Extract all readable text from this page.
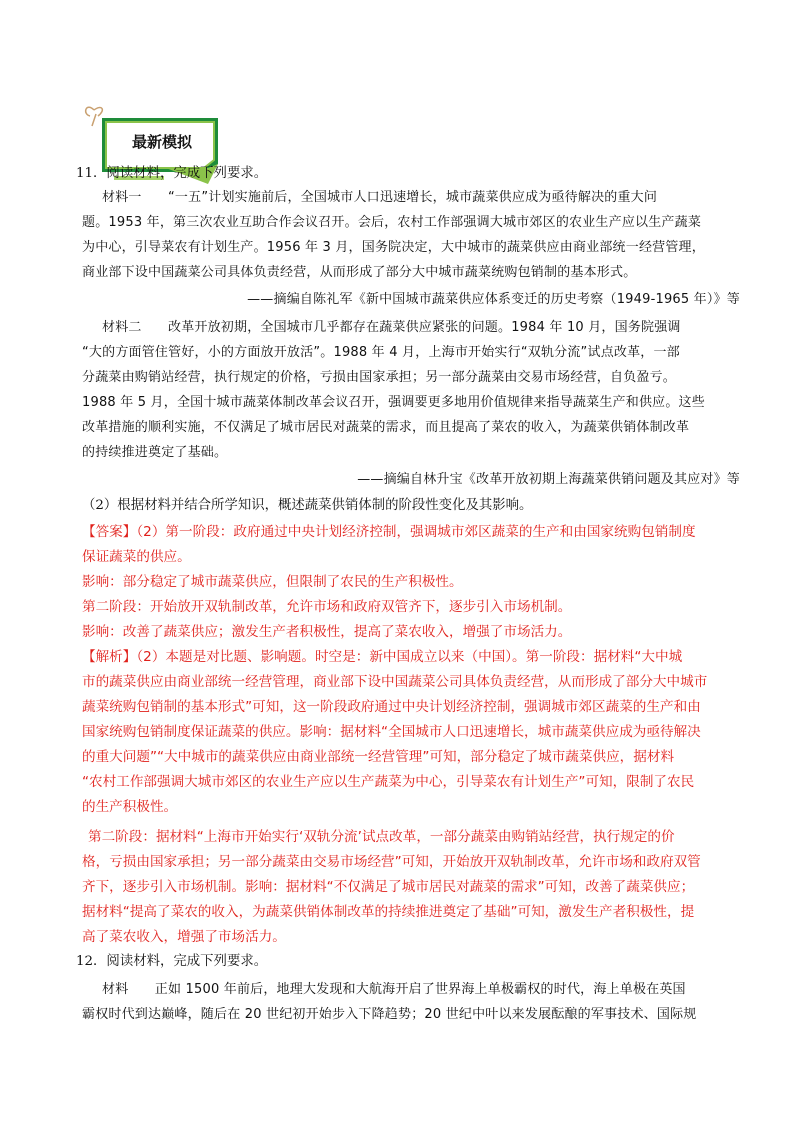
最新模拟
11．阅读材料，完成下列要求。
材料一　　“一五”计划实施前后，全国城市人口迅速增长，城市蔬菜供应成为亟待解决的重大问
题。1953 年，第三次农业互助合作会议召开。会后，农村工作部强调大城市郊区的农业生产应以生产蔬菜
为中心，引导菜农有计划生产。1956 年 3 月，国务院决定，大中城市的蔬菜供应由商业部统一经营管理，
商业部下设中国蔬菜公司具体负责经营，从而形成了部分大中城市蔬菜统购包销制的基本形式。
——摘编自陈礼军《新中国城市蔬菜供应体系变迁的历史考察（1949-1965 年）》等
材料二　　改革开放初期，全国城市几乎都存在蔬菜供应紧张的问题。1984 年 10 月，国务院强调
“大的方面管住管好，小的方面放开放活”。1988 年 4 月，上海市开始实行“双轨分流”试点改革，一部
分蔬菜由购销站经营，执行规定的价格，亏损由国家承担；另一部分蔬菜由交易市场经营，自负盈亏。
1988 年 5 月，全国十城市蔬菜体制改革会议召开，强调要更多地用价值规律来指导蔬菜生产和供应。这些
改革措施的顺利实施，不仅满足了城市居民对蔬菜的需求，而且提高了菜农的收入，为蔬菜供销体制改革
的持续推进奠定了基础。
——摘编自林升宝《改革开放初期上海蔬菜供销问题及其应对》等
（2）根据材料并结合所学知识，概述蔬菜供销体制的阶段性变化及其影响。
【答案】（2）第一阶段：政府通过中央计划经济控制，强调城市郊区蔬菜的生产和由国家统购包销制度
保证蔬菜的供应。
影响：部分稳定了城市蔬菜供应，但限制了农民的生产积极性。
第二阶段：开始放开双轨制改革，允许市场和政府双管齐下，逐步引入市场机制。
影响：改善了蔬菜供应；激发生产者积极性，提高了菜农收入，增强了市场活力。
【解析】（2）本题是对比题、影响题。时空是：新中国成立以来（中国）。第一阶段：据材料“大中城
市的蔬菜供应由商业部统一经营管理，商业部下设中国蔬菜公司具体负责经营，从而形成了部分大中城市
蔬菜统购包销制的基本形式”可知，这一阶段政府通过中央计划经济控制，强调城市郊区蔬菜的生产和由
国家统购包销制度保证蔬菜的供应。影响：据材料“全国城市人口迅速增长，城市蔬菜供应成为亟待解决
的重大问题”“大中城市的蔬菜供应由商业部统一经营管理”可知，部分稳定了城市蔬菜供应，据材料
“农村工作部强调大城市郊区的农业生产应以生产蔬菜为中心，引导菜农有计划生产”可知，限制了农民
的生产积极性。
第二阶段：据材料“上海市开始实行‘双轨分流’试点改革，一部分蔬菜由购销站经营，执行规定的价
格，亏损由国家承担；另一部分蔬菜由交易市场经营”可知，开始放开双轨制改革，允许市场和政府双管
齐下，逐步引入市场机制。影响：据材料“不仅满足了城市居民对蔬菜的需求”可知，改善了蔬菜供应；
据材料“提高了菜农的收入，为蔬菜供销体制改革的持续推进奠定了基础”可知，激发生产者积极性，提
高了菜农收入，增强了市场活力。
12．阅读材料，完成下列要求。
材料　　正如 1500 年前后，地理大发现和大航海开启了世界海上单极霸权的时代，海上单极在英国
霸权时代到达巅峰，随后在 20 世纪初开始步入下降趋势；20 世纪中叶以来发展酝酿的军事技术、国际规
